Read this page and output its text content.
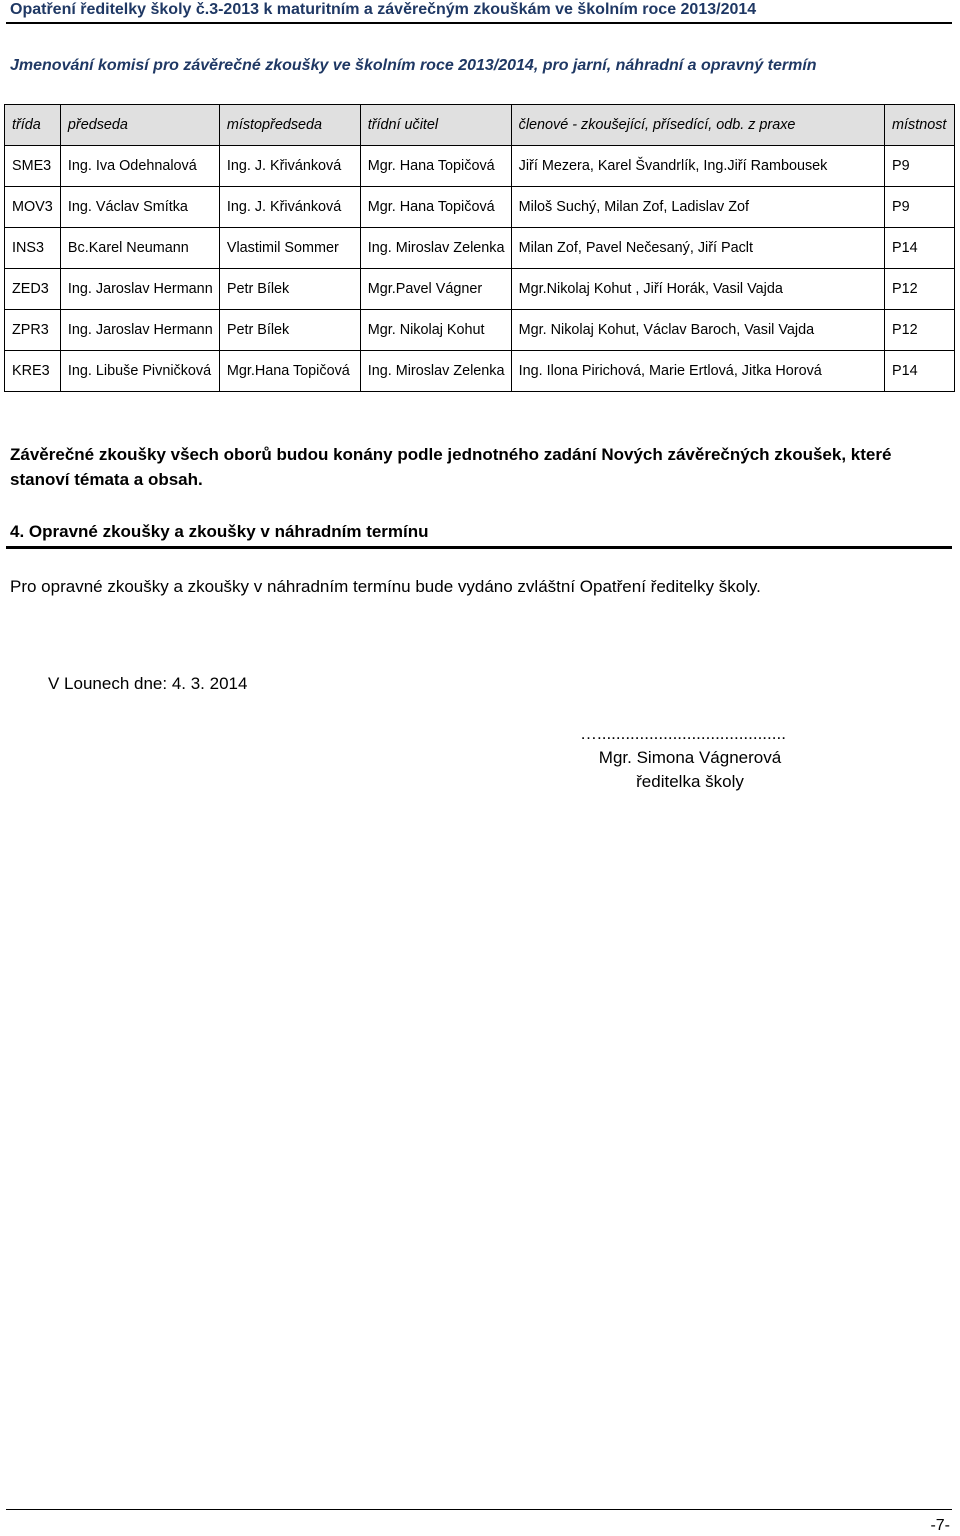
Opatření ředitelky školy č.3-2013 k maturitním a závěrečným zkouškám ve školním roce 2013/2014
Jmenování komisí pro závěrečné zkoušky ve školním roce 2013/2014, pro jarní, náhradní a opravný termín
třída	předseda	místopředseda	třídní učitel	členové - zkoušející, přísedící, odb. z praxe	místnost
SME3	Ing. Iva Odehnalová	Ing. J. Křivánková	Mgr. Hana Topičová	Jiří Mezera, Karel Švandrlík, Ing.Jiří Rambousek	P9
MOV3	Ing. Václav Smítka	Ing. J. Křivánková	Mgr. Hana Topičová	Miloš Suchý, Milan Zof, Ladislav Zof	P9
INS3	Bc.Karel Neumann	Vlastimil Sommer	Ing. Miroslav Zelenka	Milan Zof, Pavel Nečesaný, Jiří Paclt	P14
ZED3	Ing. Jaroslav Hermann	Petr Bílek	Mgr.Pavel Vágner	Mgr.Nikolaj Kohut , Jiří Horák, Vasil Vajda	P12
ZPR3	Ing. Jaroslav Hermann	Petr Bílek	Mgr. Nikolaj Kohut	Mgr. Nikolaj Kohut, Václav Baroch, Vasil Vajda	P12
KRE3	Ing. Libuše Pivničková	Mgr.Hana Topičová	Ing. Miroslav Zelenka	Ing. Ilona Pirichová, Marie Ertlová, Jitka Horová	P14
Závěrečné zkoušky všech oborů budou konány podle jednotného zadání Nových závěrečných zkoušek, které stanoví témata a obsah.
4. Opravné zkoušky a zkoušky v náhradním termínu
Pro opravné zkoušky a zkoušky v náhradním termínu bude vydáno zvláštní Opatření ředitelky školy.
V Lounech dne: 4. 3. 2014
…........................................
Mgr. Simona Vágnerová
ředitelka školy
-7-
